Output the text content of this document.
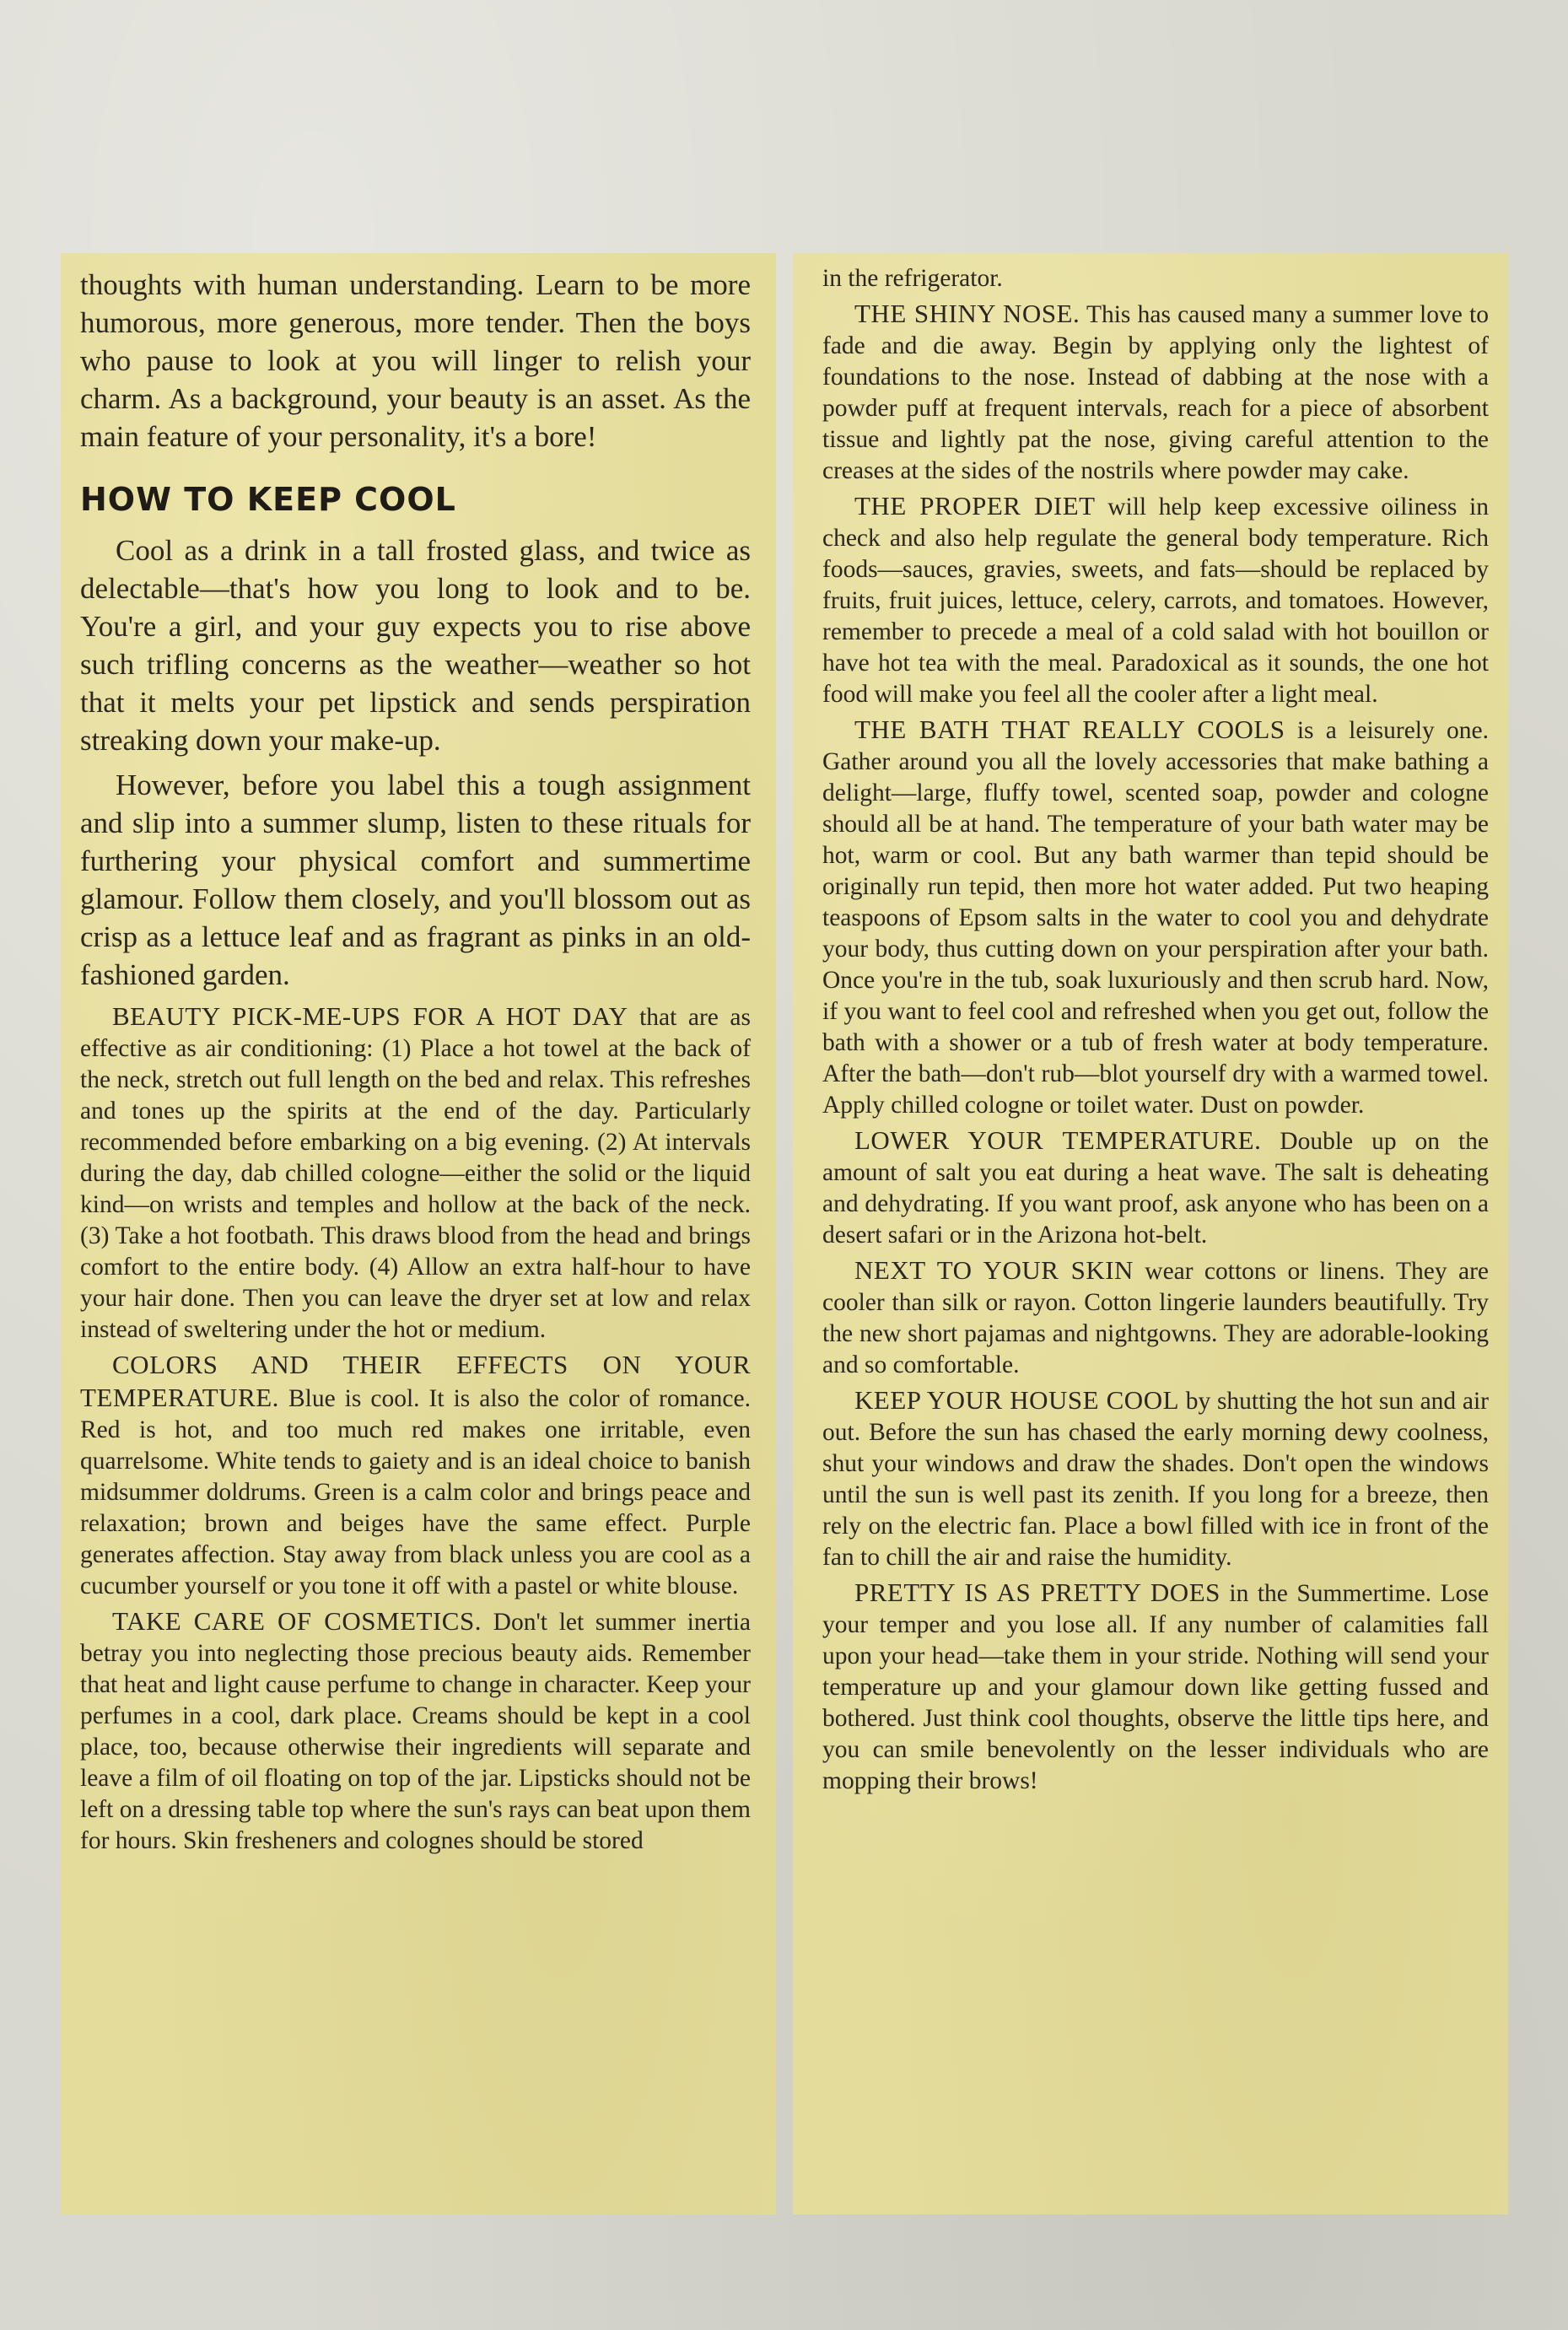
thoughts with human understanding. Learn to be more humorous, more generous, more tender. Then the boys who pause to look at you will linger to relish your charm. As a background, your beauty is an asset. As the main feature of your personality, it's a bore!

HOW TO KEEP COOL

Cool as a drink in a tall frosted glass, and twice as delectable—that's how you long to look and to be. You're a girl, and your guy expects you to rise above such trifling concerns as the weather—weather so hot that it melts your pet lipstick and sends perspiration streaking down your make-up.

However, before you label this a tough assignment and slip into a summer slump, listen to these rituals for furthering your physical comfort and summertime glamour. Follow them closely, and you'll blossom out as crisp as a lettuce leaf and as fragrant as pinks in an old-fashioned garden.

BEAUTY PICK-ME-UPS FOR A HOT DAY that are as effective as air conditioning: (1) Place a hot towel at the back of the neck, stretch out full length on the bed and relax. This refreshes and tones up the spirits at the end of the day. Particularly recommended before embarking on a big evening. (2) At intervals during the day, dab chilled cologne—either the solid or the liquid kind—on wrists and temples and hollow at the back of the neck. (3) Take a hot footbath. This draws blood from the head and brings comfort to the entire body. (4) Allow an extra half-hour to have your hair done. Then you can leave the dryer set at low and relax instead of sweltering under the hot or medium.

COLORS AND THEIR EFFECTS ON YOUR TEMPERATURE. Blue is cool. It is also the color of romance. Red is hot, and too much red makes one irritable, even quarrelsome. White tends to gaiety and is an ideal choice to banish midsummer doldrums. Green is a calm color and brings peace and relaxation; brown and beiges have the same effect. Purple generates affection. Stay away from black unless you are cool as a cucumber yourself or you tone it off with a pastel or white blouse.

TAKE CARE OF COSMETICS. Don't let summer inertia betray you into neglecting those precious beauty aids. Remember that heat and light cause perfume to change in character. Keep your perfumes in a cool, dark place. Creams should be kept in a cool place, too, because otherwise their ingredients will separate and leave a film of oil floating on top of the jar. Lipsticks should not be left on a dressing table top where the sun's rays can beat upon them for hours. Skin fresheners and colognes should be stored

in the refrigerator.

THE SHINY NOSE. This has caused many a summer love to fade and die away. Begin by applying only the lightest of foundations to the nose. Instead of dabbing at the nose with a powder puff at frequent intervals, reach for a piece of absorbent tissue and lightly pat the nose, giving careful attention to the creases at the sides of the nostrils where powder may cake.

THE PROPER DIET will help keep excessive oiliness in check and also help regulate the general body temperature. Rich foods—sauces, gravies, sweets, and fats—should be replaced by fruits, fruit juices, lettuce, celery, carrots, and tomatoes. However, remember to precede a meal of a cold salad with hot bouillon or have hot tea with the meal. Paradoxical as it sounds, the one hot food will make you feel all the cooler after a light meal.

THE BATH THAT REALLY COOLS is a leisurely one. Gather around you all the lovely accessories that make bathing a delight—large, fluffy towel, scented soap, powder and cologne should all be at hand. The temperature of your bath water may be hot, warm or cool. But any bath warmer than tepid should be originally run tepid, then more hot water added. Put two heaping teaspoons of Epsom salts in the water to cool you and dehydrate your body, thus cutting down on your perspiration after your bath. Once you're in the tub, soak luxuriously and then scrub hard. Now, if you want to feel cool and refreshed when you get out, follow the bath with a shower or a tub of fresh water at body temperature. After the bath—don't rub—blot yourself dry with a warmed towel. Apply chilled cologne or toilet water. Dust on powder.

LOWER YOUR TEMPERATURE. Double up on the amount of salt you eat during a heat wave. The salt is deheating and dehydrating. If you want proof, ask anyone who has been on a desert safari or in the Arizona hot-belt.

NEXT TO YOUR SKIN wear cottons or linens. They are cooler than silk or rayon. Cotton lingerie launders beautifully. Try the new short pajamas and nightgowns. They are adorable-looking and so comfortable.

KEEP YOUR HOUSE COOL by shutting the hot sun and air out. Before the sun has chased the early morning dewy coolness, shut your windows and draw the shades. Don't open the windows until the sun is well past its zenith. If you long for a breeze, then rely on the electric fan. Place a bowl filled with ice in front of the fan to chill the air and raise the humidity.

PRETTY IS AS PRETTY DOES in the Summertime. Lose your temper and you lose all. If any number of calamities fall upon your head—take them in your stride. Nothing will send your temperature up and your glamour down like getting fussed and bothered. Just think cool thoughts, observe the little tips here, and you can smile benevolently on the lesser individuals who are mopping their brows!
